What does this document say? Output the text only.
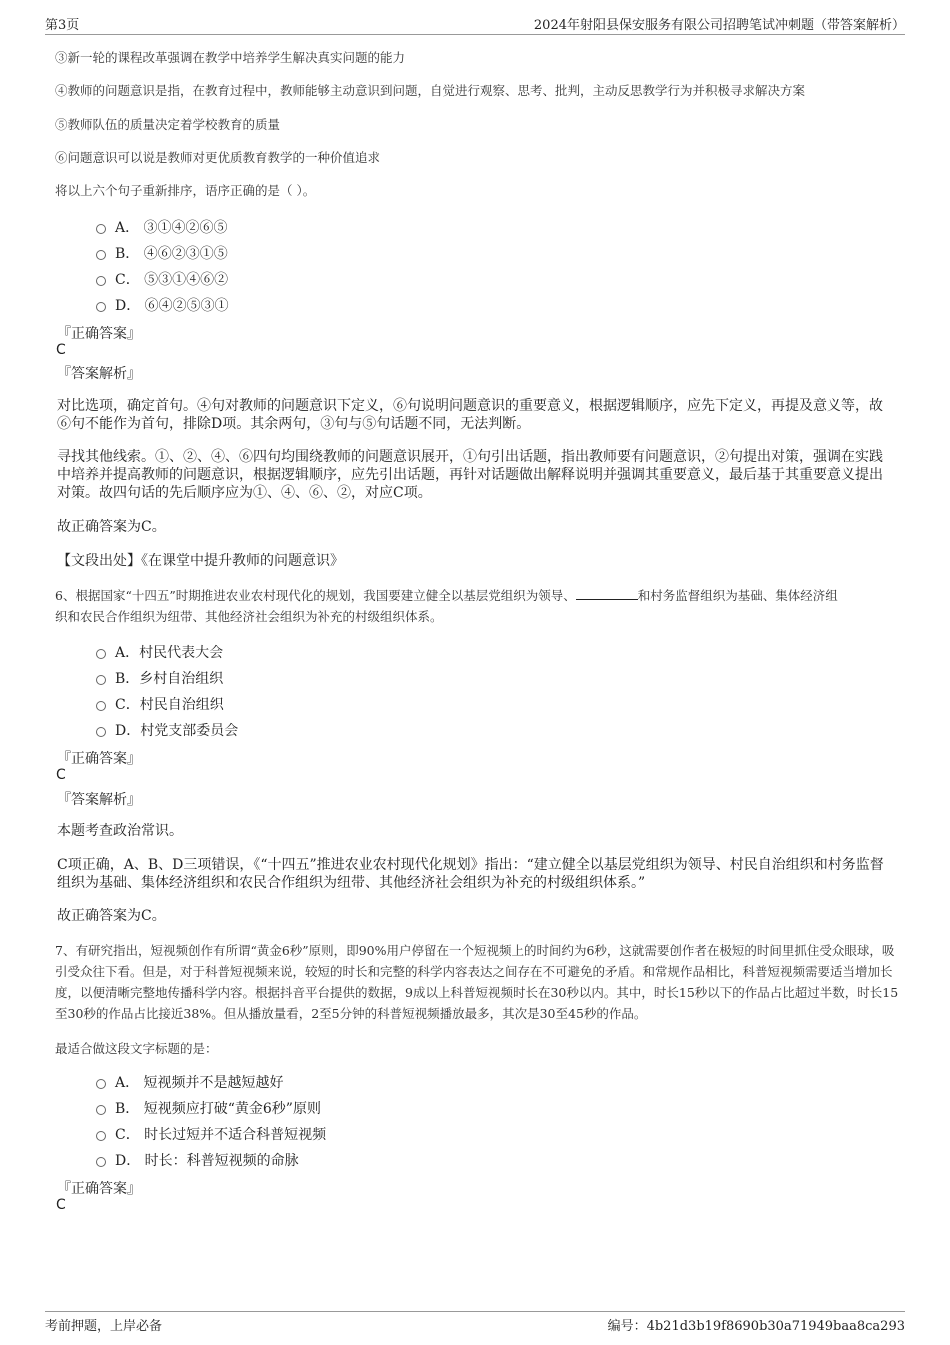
第3页	2024年射阳县保安服务有限公司招聘笔试冲刺题（带答案解析）
③新一轮的课程改革强调在教学中培养学生解决真实问题的能力
④教师的问题意识是指，在教育过程中，教师能够主动意识到问题，自觉进行观察、思考、批判，主动反思教学行为并积极寻求解决方案
⑤教师队伍的质量决定着学校教育的质量
⑥问题意识可以说是教师对更优质教育教学的一种价值追求
将以上六个句子重新排序，语序正确的是（ ）。
A． ③①④②⑥⑤
B． ④⑥②③①⑤
C． ⑤③①④⑥②
D． ⑥④②⑤③①
『正确答案』
C
『答案解析』
对比选项，确定首句。④句对教师的问题意识下定义，⑥句说明问题意识的重要意义，根据逻辑顺序，应先下定义，再提及意义等，故⑥句不能作为首句，排除D项。其余两句，③句与⑤句话题不同，无法判断。
寻找其他线索。①、②、④、⑥四句均围绕教师的问题意识展开，①句引出话题，指出教师要有问题意识，②句提出对策，强调在实践中培养并提高教师的问题意识，根据逻辑顺序，应先引出话题，再针对话题做出解释说明并强调其重要意义，最后基于其重要意义提出对策。故四句话的先后顺序应为①、④、⑥、②，对应C项。
故正确答案为C。
【文段出处】《在课堂中提升教师的问题意识》
6、根据国家“十四五”时期推进农业农村现代化的规划，我国要建立健全以基层党组织为领导、	和村务监督组织为基础、集体经济组
织和农民合作组织为纽带、其他经济社会组织为补充的村级组织体系。
A．村民代表大会
B．乡村自治组织
C．村民自治组织
D．村党支部委员会
『正确答案』
C
『答案解析』
本题考查政治常识。
C项正确，A、B、D三项错误，《“十四五”推进农业农村现代化规划》指出：“建立健全以基层党组织为领导、村民自治组织和村务监督组织为基础、集体经济组织和农民合作组织为纽带、其他经济社会组织为补充的村级组织体系。”
故正确答案为C。
7、有研究指出，短视频创作有所谓“黄金6秒”原则，即90%用户停留在一个短视频上的时间约为6秒，这就需要创作者在极短的时间里抓住受众眼球，吸引受众往下看。但是，对于科普短视频来说，较短的时长和完整的科学内容表达之间存在不可避免的矛盾。和常规作品相比，科普短视频需要适当增加长度，以便清晰完整地传播科学内容。根据抖音平台提供的数据，9成以上科普短视频时长在30秒以内。其中，时长15秒以下的作品占比超过半数，时长15至30秒的作品占比接近38%。但从播放量看，2至5分钟的科普短视频播放最多，其次是30至45秒的作品。
最适合做这段文字标题的是：
A． 短视频并不是越短越好
B． 短视频应打破“黄金6秒”原则
C． 时长过短并不适合科普短视频
D． 时长：科普短视频的命脉
『正确答案』
C
考前押题，上岸必备	编号：4b21d3b19f8690b30a71949baa8ca293
